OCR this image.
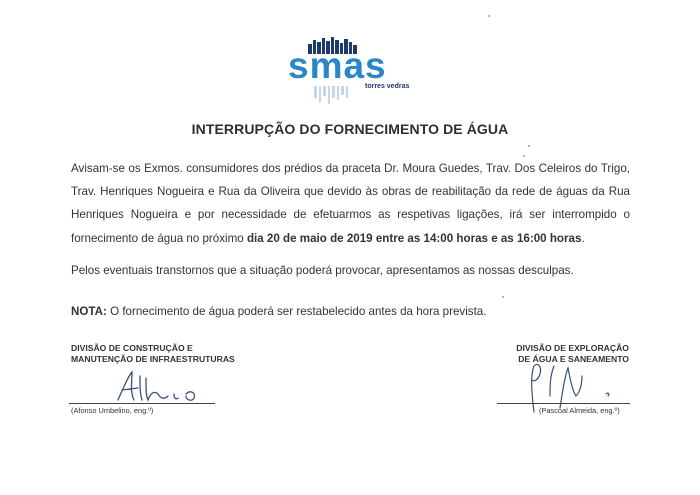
smas
torres vedras
INTERRUPÇÃO DO FORNECIMENTO DE ÁGUA

Avisam-se os Exmos. consumidores dos prédios da praceta Dr. Moura Guedes, Trav. Dos Celeiros do Trigo, Trav. Henriques Nogueira e Rua da Oliveira que devido às obras de reabilitação da rede de águas da Rua Henriques Nogueira e por necessidade de efetuarmos as respetivas ligações, irá ser interrompido o fornecimento de água no próximo dia 20 de maio de 2019 entre as 14:00 horas e as 16:00 horas.

Pelos eventuais transtornos que a situação poderá provocar, apresentamos as nossas desculpas.

NOTA: O fornecimento de água poderá ser restabelecido antes da hora prevista.

DIVISÃO DE CONSTRUÇÃO E
MANUTENÇÃO DE INFRAESTRUTURAS
(Afonso Umbelino, eng.º)
DIVISÃO DE EXPLORAÇÃO
DE ÁGUA E SANEAMENTO
(Pascoal Almeida, eng.º)
